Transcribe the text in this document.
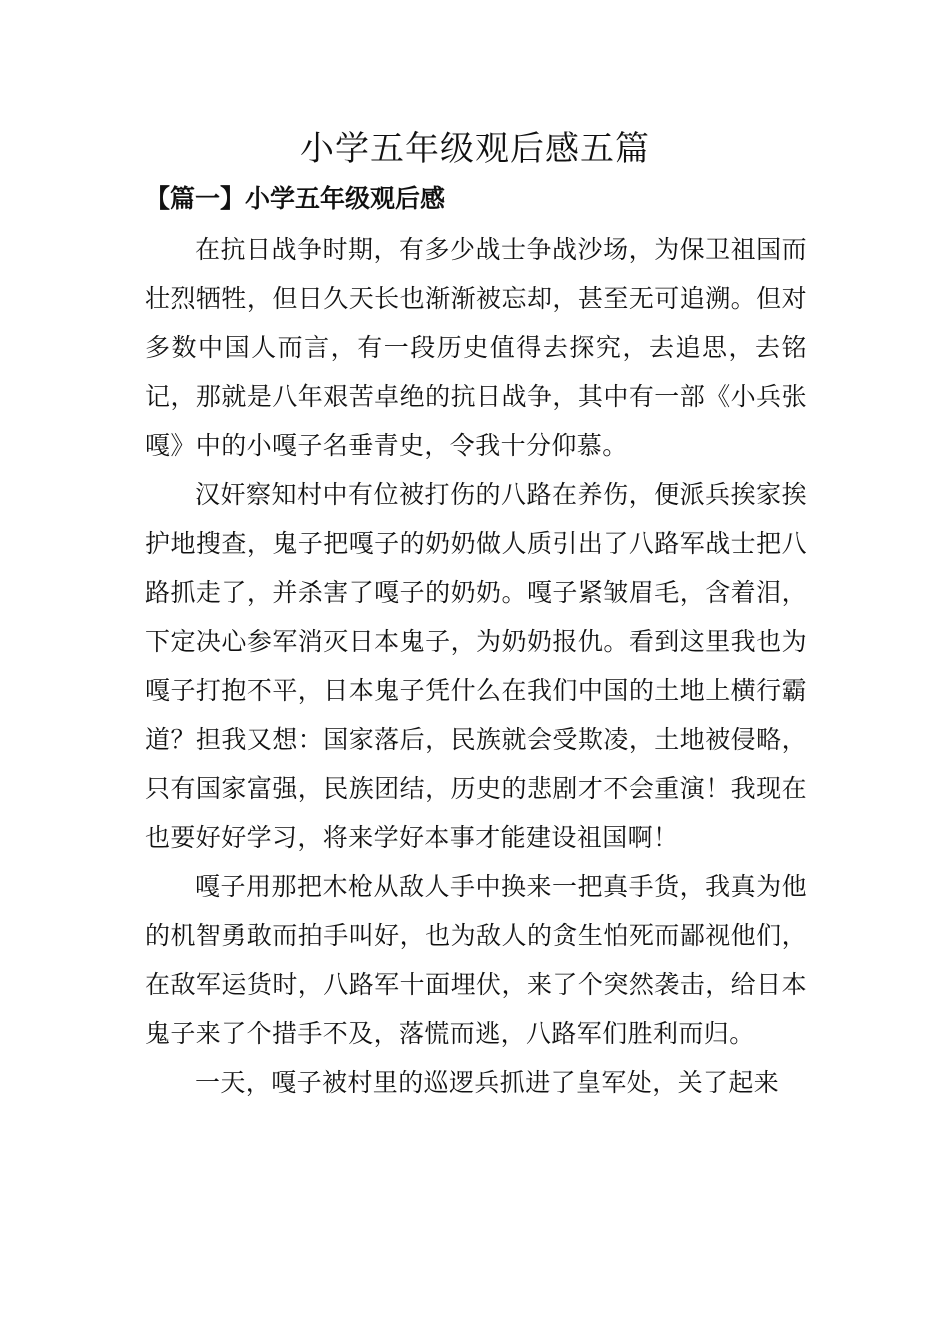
小学五年级观后感五篇
【篇一】小学五年级观后感

在抗日战争时期，有多少战士争战沙场，为保卫祖国而壮烈牺牲，但日久天长也渐渐被忘却，甚至无可追溯。但对多数中国人而言，有一段历史值得去探究，去追思，去铭记，那就是八年艰苦卓绝的抗日战争，其中有一部《小兵张嘎》中的小嘎子名垂青史，令我十分仰慕。

汉奸察知村中有位被打伤的八路在养伤，便派兵挨家挨护地搜查，鬼子把嘎子的奶奶做人质引出了八路军战士把八路抓走了，并杀害了嘎子的奶奶。嘎子紧皱眉毛，含着泪，下定决心参军消灭日本鬼子，为奶奶报仇。看到这里我也为嘎子打抱不平，日本鬼子凭什么在我们中国的土地上横行霸道？担我又想：国家落后，民族就会受欺凌，土地被侵略，只有国家富强，民族团结，历史的悲剧才不会重演！我现在也要好好学习，将来学好本事才能建设祖国啊！

嘎子用那把木枪从敌人手中换来一把真手货，我真为他的机智勇敢而拍手叫好，也为敌人的贪生怕死而鄙视他们，在敌军运货时，八路军十面埋伏，来了个突然袭击，给日本鬼子来了个措手不及，落慌而逃，八路军们胜利而归。

一天，嘎子被村里的巡逻兵抓进了皇军处，关了起来
